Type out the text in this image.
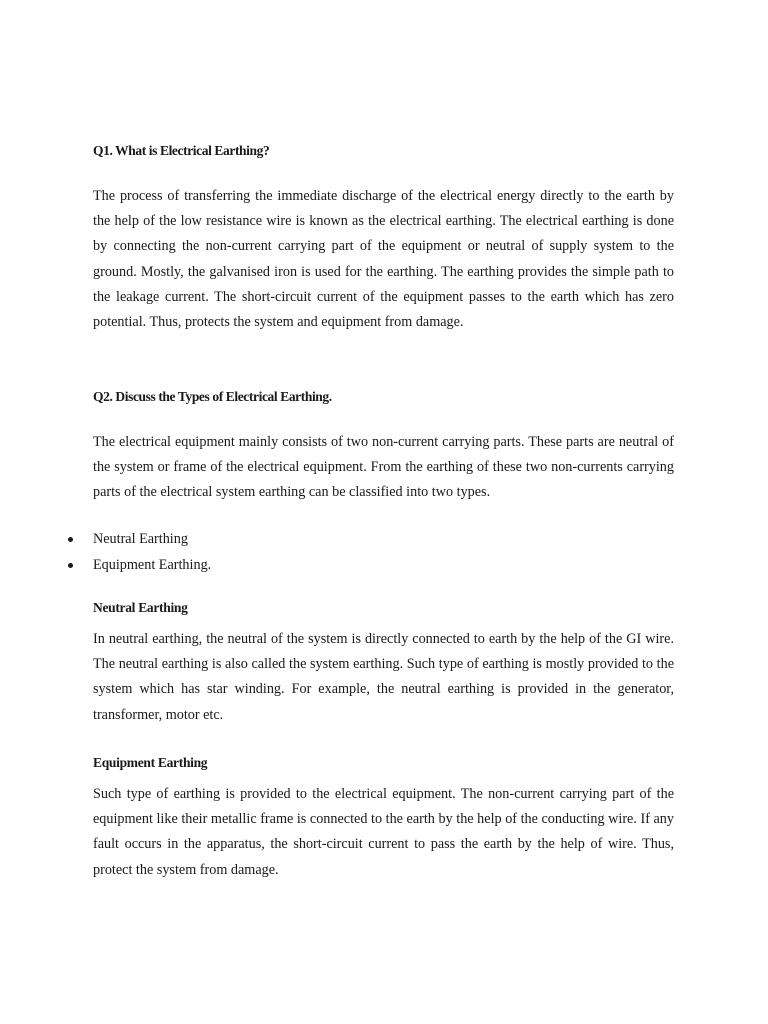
Q1. What is Electrical Earthing?

The process of transferring the immediate discharge of the electrical energy directly to the earth by the help of the low resistance wire is known as the electrical earthing. The electrical earthing is done by connecting the non-current carrying part of the equipment or neutral of supply system to the ground. Mostly, the galvanised iron is used for the earthing. The earthing provides the simple path to the leakage current. The short-circuit current of the equipment passes to the earth which has zero potential. Thus, protects the system and equipment from damage.

Q2. Discuss the Types of Electrical Earthing.

The electrical equipment mainly consists of two non-current carrying parts. These parts are neutral of the system or frame of the electrical equipment. From the earthing of these two non-currents carrying parts of the electrical system earthing can be classified into two types.

Neutral Earthing
Equipment Earthing.
Neutral Earthing

In neutral earthing, the neutral of the system is directly connected to earth by the help of the GI wire. The neutral earthing is also called the system earthing. Such type of earthing is mostly provided to the system which has star winding. For example, the neutral earthing is provided in the generator, transformer, motor etc.

Equipment Earthing

Such type of earthing is provided to the electrical equipment. The non-current carrying part of the equipment like their metallic frame is connected to the earth by the help of the conducting wire. If any fault occurs in the apparatus, the short-circuit current to pass the earth by the help of wire. Thus, protect the system from damage.
